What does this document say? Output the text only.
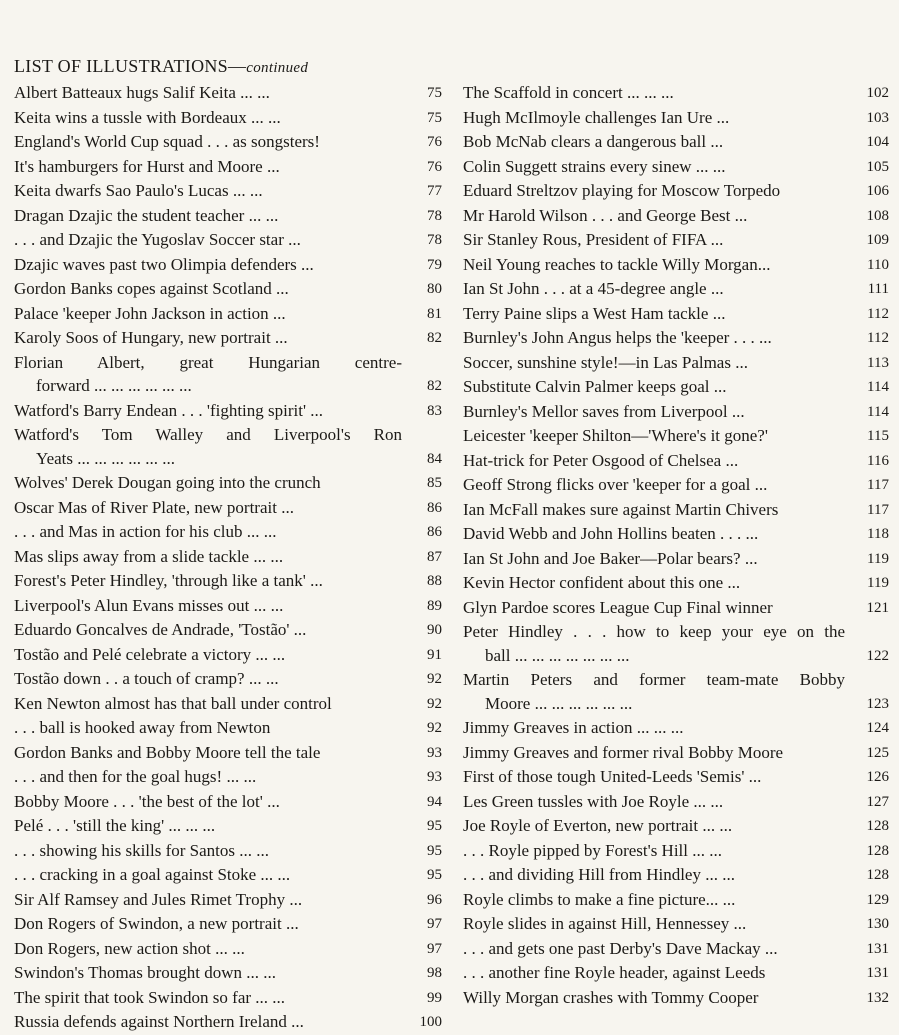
LIST OF ILLUSTRATIONS—continued
Albert Batteaux hugs Salif Keita ... ...	75
Keita wins a tussle with Bordeaux ... ...	75
England's World Cup squad . . . as songsters!	76
It's hamburgers for Hurst and Moore ...	76
Keita dwarfs Sao Paulo's Lucas ... ...	77
Dragan Dzajic the student teacher ... ...	78
. . . and Dzajic the Yugoslav Soccer star ...	78
Dzajic waves past two Olimpia defenders ...	79
Gordon Banks copes against Scotland ...	80
Palace 'keeper John Jackson in action ...	81
Karoly Soos of Hungary, new portrait ...	82
Florian Albert, great Hungarian centre-
forward ... ... ... ... ... ...	82
Watford's Barry Endean . . . 'fighting spirit' ...	83
Watford's Tom Walley and Liverpool's Ron
Yeats ... ... ... ... ... ...	84
Wolves' Derek Dougan going into the crunch	85
Oscar Mas of River Plate, new portrait ...	86
. . . and Mas in action for his club ... ...	86
Mas slips away from a slide tackle ... ...	87
Forest's Peter Hindley, 'through like a tank' ...	88
Liverpool's Alun Evans misses out ... ...	89
Eduardo Goncalves de Andrade, 'Tostão' ...	90
Tostão and Pelé celebrate a victory ... ...	91
Tostão down . . a touch of cramp? ... ...	92
Ken Newton almost has that ball under control	92
. . . ball is hooked away from Newton	92
Gordon Banks and Bobby Moore tell the tale	93
. . . and then for the goal hugs! ... ...	93
Bobby Moore . . . 'the best of the lot' ...	94
Pelé . . . 'still the king' ... ... ...	95
. . . showing his skills for Santos ... ...	95
. . . cracking in a goal against Stoke ... ...	95
Sir Alf Ramsey and Jules Rimet Trophy ...	96
Don Rogers of Swindon, a new portrait ...	97
Don Rogers, new action shot ... ...	97
Swindon's Thomas brought down ... ...	98
The spirit that took Swindon so far ... ...	99
Russia defends against Northern Ireland ...	100
The Scaffold in concert ... ... ...	102
Hugh McIlmoyle challenges Ian Ure ...	103
Bob McNab clears a dangerous ball ...	104
Colin Suggett strains every sinew ... ...	105
Eduard Streltzov playing for Moscow Torpedo	106
Mr Harold Wilson . . . and George Best ...	108
Sir Stanley Rous, President of FIFA ...	109
Neil Young reaches to tackle Willy Morgan...	110
Ian St John . . . at a 45-degree angle ...	111
Terry Paine slips a West Ham tackle ...	112
Burnley's John Angus helps the 'keeper . . . ...	112
Soccer, sunshine style!—in Las Palmas ...	113
Substitute Calvin Palmer keeps goal ...	114
Burnley's Mellor saves from Liverpool ...	114
Leicester 'keeper Shilton—'Where's it gone?'	115
Hat-trick for Peter Osgood of Chelsea ...	116
Geoff Strong flicks over 'keeper for a goal ...	117
Ian McFall makes sure against Martin Chivers	117
David Webb and John Hollins beaten . . . ...	118
Ian St John and Joe Baker—Polar bears? ...	119
Kevin Hector confident about this one ...	119
Glyn Pardoe scores League Cup Final winner	121
Peter Hindley . . . how to keep your eye on the
ball ... ... ... ... ... ... ...	122
Martin Peters and former team-mate Bobby
Moore ... ... ... ... ... ...	123
Jimmy Greaves in action ... ... ...	124
Jimmy Greaves and former rival Bobby Moore	125
First of those tough United-Leeds 'Semis' ...	126
Les Green tussles with Joe Royle ... ...	127
Joe Royle of Everton, new portrait ... ...	128
. . . Royle pipped by Forest's Hill ... ...	128
. . . and dividing Hill from Hindley ... ...	128
Royle climbs to make a fine picture... ...	129
Royle slides in against Hill, Hennessey ...	130
. . . and gets one past Derby's Dave Mackay ...	131
. . . another fine Royle header, against Leeds	131
Willy Morgan crashes with Tommy Cooper	132
